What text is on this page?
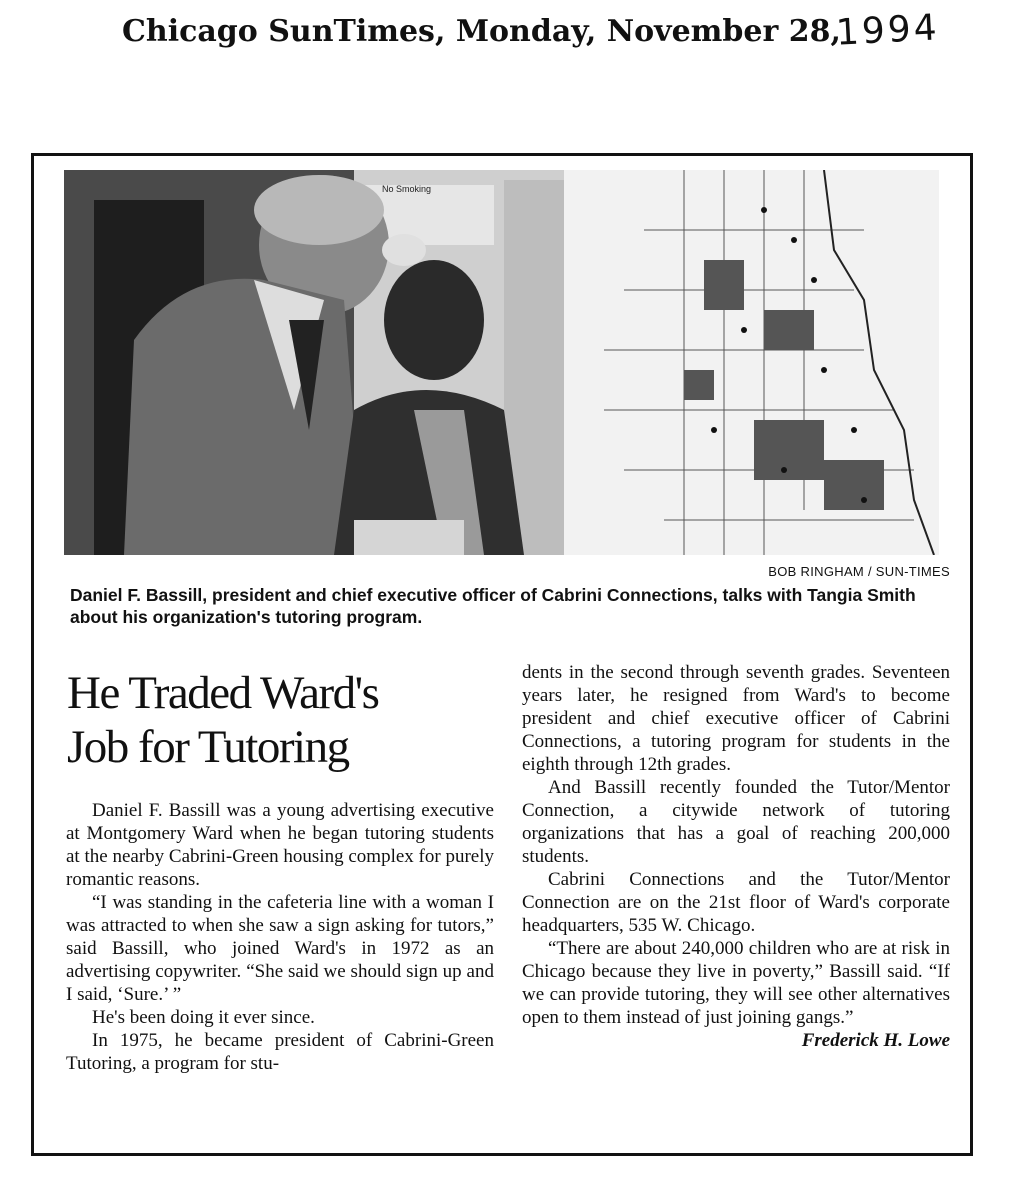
Chicago SunTimes, Monday, November 28,
1994
No Smoking
BOB RINGHAM / SUN-TIMES
Daniel F. Bassill, president and chief executive officer of Cabrini Connections, talks with Tangia Smith about his organization's tutoring program.
He Traded Ward's
Job for Tutoring

Daniel F. Bassill was a young advertising executive at Montgomery Ward when he began tutoring students at the nearby Cabrini-Green housing complex for purely romantic reasons.

“I was standing in the cafeteria line with a woman I was attracted to when she saw a sign asking for tutors,” said Bassill, who joined Ward's in 1972 as an advertising copywriter. “She said we should sign up and I said, ‘Sure.’ ”

He's been doing it ever since.

In 1975, he became president of Cabrini-Green Tutoring, a program for stu-

dents in the second through seventh grades. Seventeen years later, he resigned from Ward's to become president and chief executive officer of Cabrini Connections, a tutoring program for students in the eighth through 12th grades.

And Bassill recently founded the Tutor/Mentor Connection, a citywide network of tutoring organizations that has a goal of reaching 200,000 students.

Cabrini Connections and the Tutor/Mentor Connection are on the 21st floor of Ward's corporate headquarters, 535 W. Chicago.

“There are about 240,000 children who are at risk in Chicago because they live in poverty,” Bassill said. “If we can provide tutoring, they will see other alternatives open to them instead of just joining gangs.”
Frederick H. Lowe
